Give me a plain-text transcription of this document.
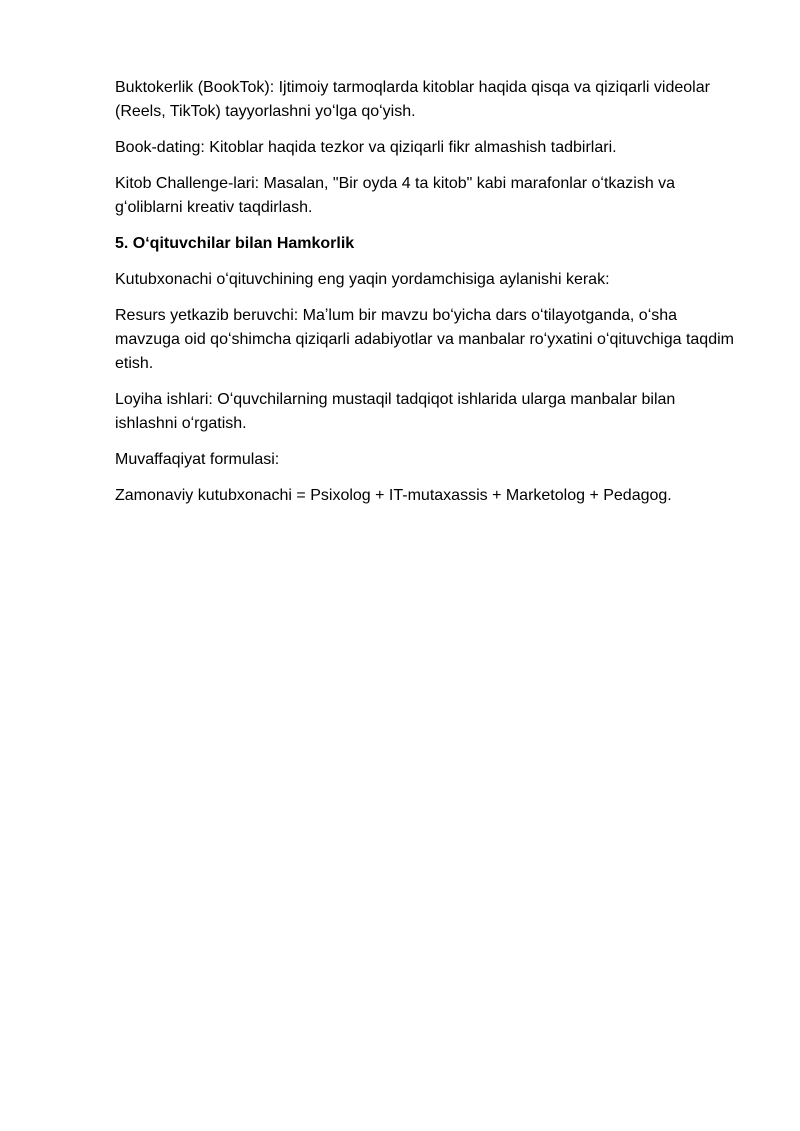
Buktokerlik (BookTok): Ijtimoiy tarmoqlarda kitoblar haqida qisqa va qiziqarli videolar (Reels, TikTok) tayyorlashni yoʻlga qoʻyish.

Book-dating: Kitoblar haqida tezkor va qiziqarli fikr almashish tadbirlari.

Kitob Challenge-lari: Masalan, "Bir oyda 4 ta kitob" kabi marafonlar oʻtkazish va gʻoliblarni kreativ taqdirlash.

5. Oʻqituvchilar bilan Hamkorlik

Kutubxonachi oʻqituvchining eng yaqin yordamchisiga aylanishi kerak:

Resurs yetkazib beruvchi: Maʼlum bir mavzu boʻyicha dars oʻtilayotganda, oʻsha mavzuga oid qoʻshimcha qiziqarli adabiyotlar va manbalar roʻyxatini oʻqituvchiga taqdim etish.

Loyiha ishlari: Oʻquvchilarning mustaqil tadqiqot ishlarida ularga manbalar bilan ishlashni oʻrgatish.

Muvaffaqiyat formulasi:

Zamonaviy kutubxonachi = Psixolog + IT-mutaxassis + Marketolog + Pedagog.
